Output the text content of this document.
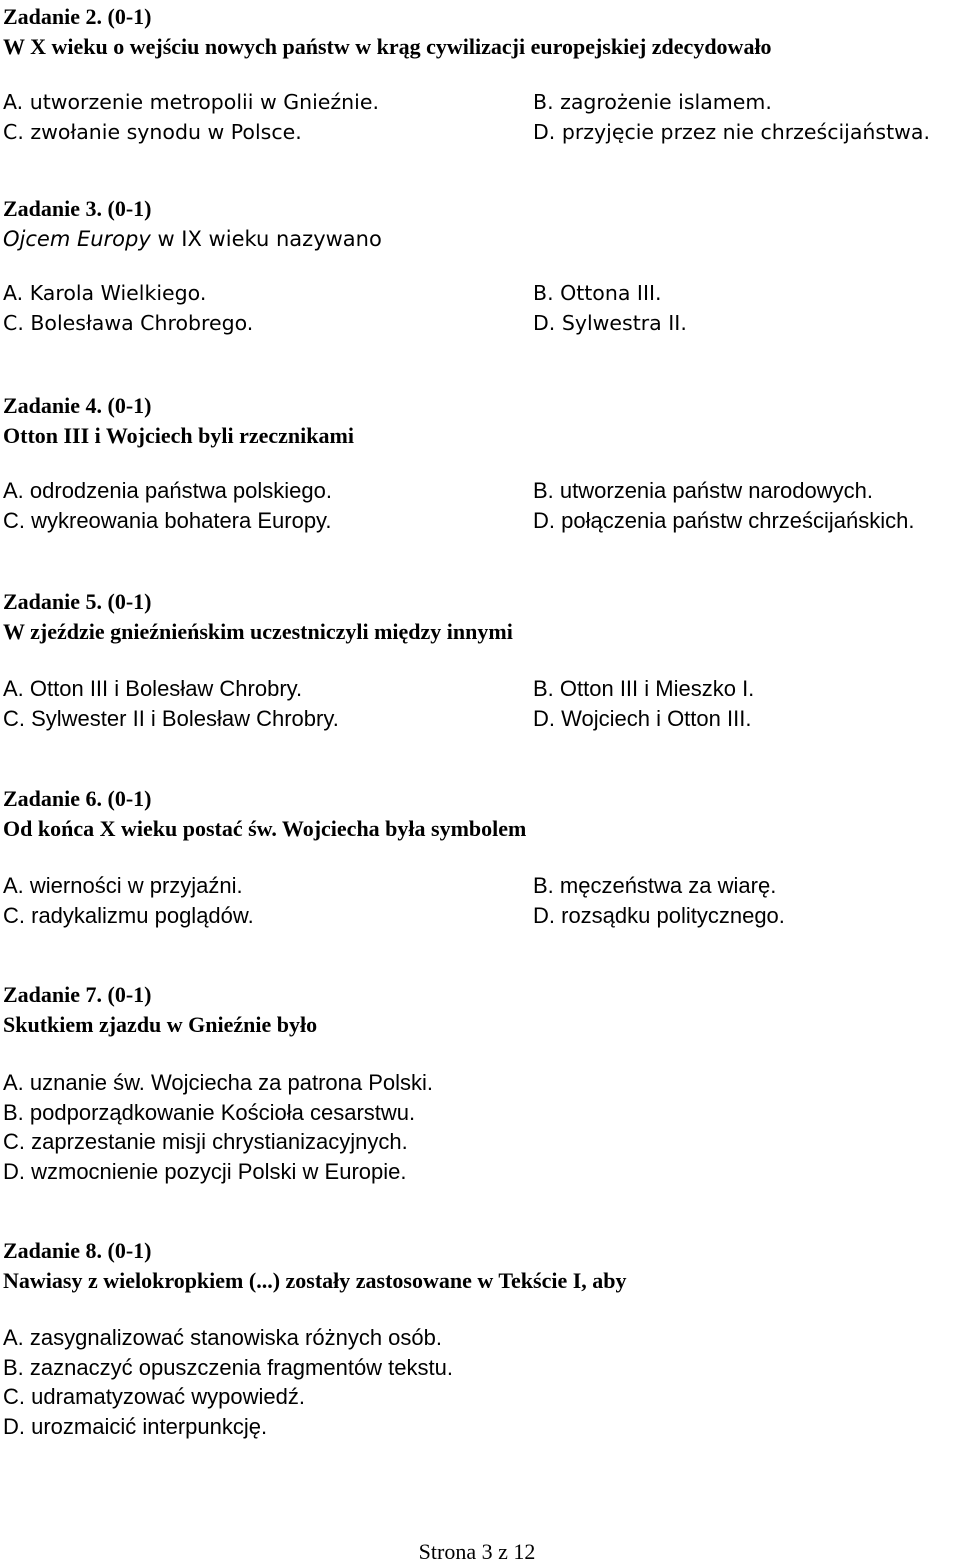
Zadanie 2. (0-1)
W X wieku o wejściu nowych państw w krąg cywilizacji europejskiej zdecydowało
A. utworzenie metropolii w Gnieźnie.	B. zagrożenie islamem.
C. zwołanie synodu w Polsce.	D. przyjęcie przez nie chrześcijaństwa.
Zadanie 3. (0-1)
Ojcem Europy w IX wieku nazywano
A. Karola Wielkiego.	B. Ottona III.
C. Bolesława Chrobrego.	D. Sylwestra II.
Zadanie 4. (0-1)
Otton III i Wojciech byli rzecznikami
A. odrodzenia państwa polskiego.	B. utworzenia państw narodowych.
C. wykreowania bohatera Europy.	D. połączenia państw chrześcijańskich.
Zadanie 5. (0-1)
W zjeździe gnieźnieńskim uczestniczyli między innymi
A. Otton III i Bolesław Chrobry.	B. Otton III i Mieszko I.
C. Sylwester II i Bolesław Chrobry.	D. Wojciech i Otton III.
Zadanie 6. (0-1)
Od końca X wieku postać św. Wojciecha była symbolem
A. wierności w przyjaźni.	B. męczeństwa za wiarę.
C. radykalizmu poglądów.	D. rozsądku politycznego.
Zadanie 7. (0-1)
Skutkiem zjazdu w Gnieźnie było
A. uznanie św. Wojciecha za patrona Polski.
B. podporządkowanie Kościoła cesarstwu.
C. zaprzestanie misji chrystianizacyjnych.
D. wzmocnienie pozycji Polski w Europie.
Zadanie 8. (0-1)
Nawiasy z wielokropkiem (...) zostały zastosowane w Tekście I, aby
A. zasygnalizować stanowiska różnych osób.
B. zaznaczyć opuszczenia fragmentów tekstu.
C. udramatyzować wypowiedź.
D. urozmaicić interpunkcję.
Strona 3 z 12
